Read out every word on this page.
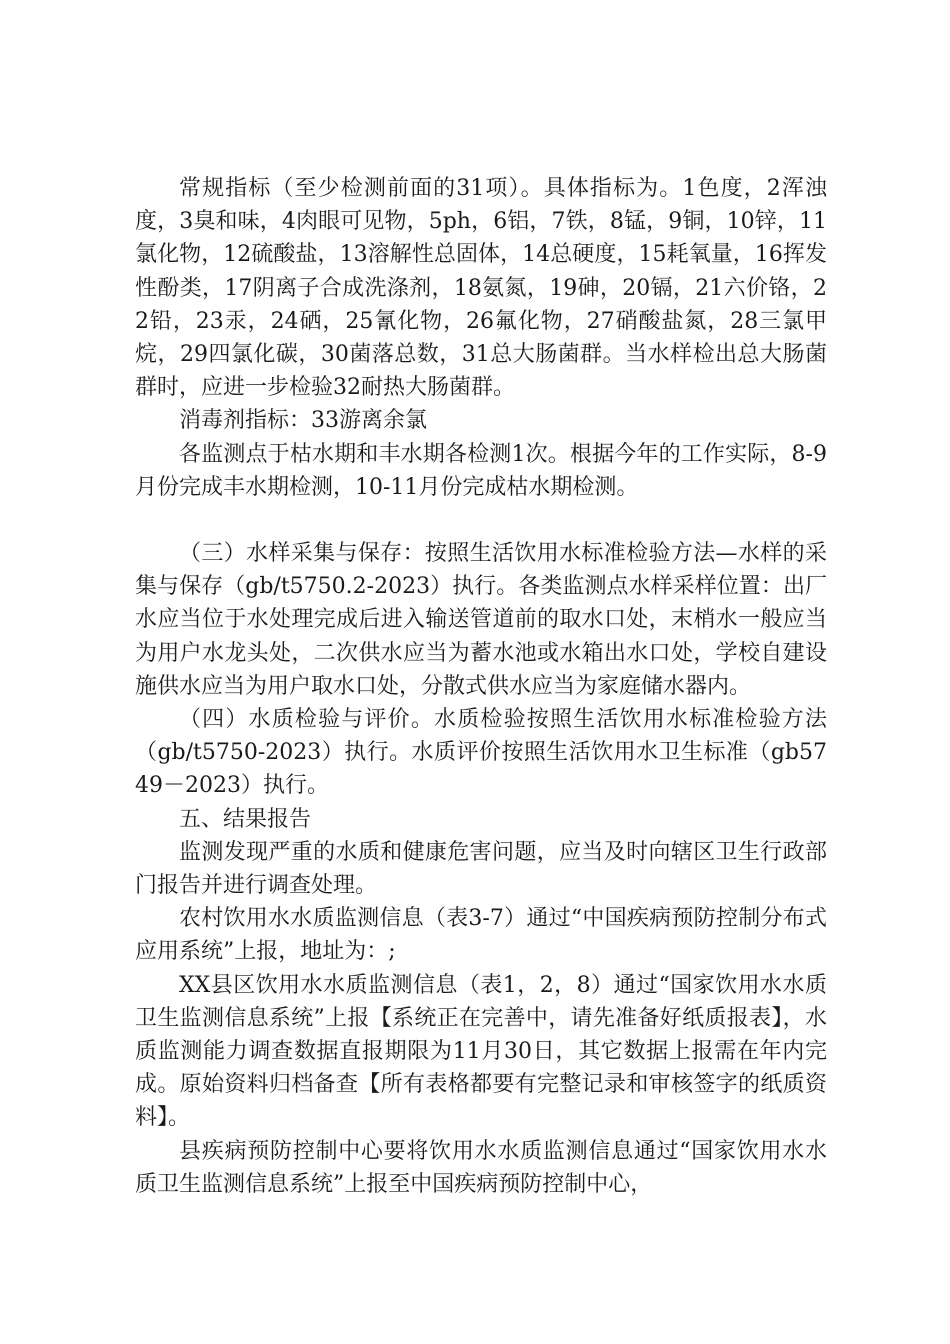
常规指标（至少检测前面的31项）。具体指标为。1色度，2浑浊度，3臭和味，4肉眼可见物，5ph，6铝，7铁，8锰，9铜，10锌，11氯化物，12硫酸盐，13溶解性总固体，14总硬度，15耗氧量，16挥发性酚类，17阴离子合成洗涤剂，18氨氮，19砷，20镉，21六价铬，22铅，23汞，24硒，25氰化物，26氟化物，27硝酸盐氮，28三氯甲烷，29四氯化碳，30菌落总数，31总大肠菌群。当水样检出总大肠菌群时，应进一步检验32耐热大肠菌群。

消毒剂指标：33游离余氯

各监测点于枯水期和丰水期各检测1次。根据今年的工作实际，8-9月份完成丰水期检测，10-11月份完成枯水期检测。

（三）水样采集与保存：按照生活饮用水标准检验方法—水样的采集与保存（gb/t5750.2-2023）执行。各类监测点水样采样位置：出厂水应当位于水处理完成后进入输送管道前的取水口处，末梢水一般应当为用户水龙头处，二次供水应当为蓄水池或水箱出水口处，学校自建设施供水应当为用户取水口处，分散式供水应当为家庭储水器内。

（四）水质检验与评价。水质检验按照生活饮用水标准检验方法（gb/t5750-2023）执行。水质评价按照生活饮用水卫生标准（gb5749－2023）执行。

五、结果报告

监测发现严重的水质和健康危害问题，应当及时向辖区卫生行政部门报告并进行调查处理。

农村饮用水水质监测信息（表3-7）通过“中国疾病预防控制分布式应用系统”上报，地址为：;

XX县区饮用水水质监测信息（表1，2，8）通过“国家饮用水水质卫生监测信息系统”上报【系统正在完善中，请先准备好纸质报表】，水质监测能力调查数据直报期限为11月30日，其它数据上报需在年内完成。原始资料归档备查【所有表格都要有完整记录和审核签字的纸质资料】。

县疾病预防控制中心要将饮用水水质监测信息通过“国家饮用水水质卫生监测信息系统”上报至中国疾病预防控制中心，
